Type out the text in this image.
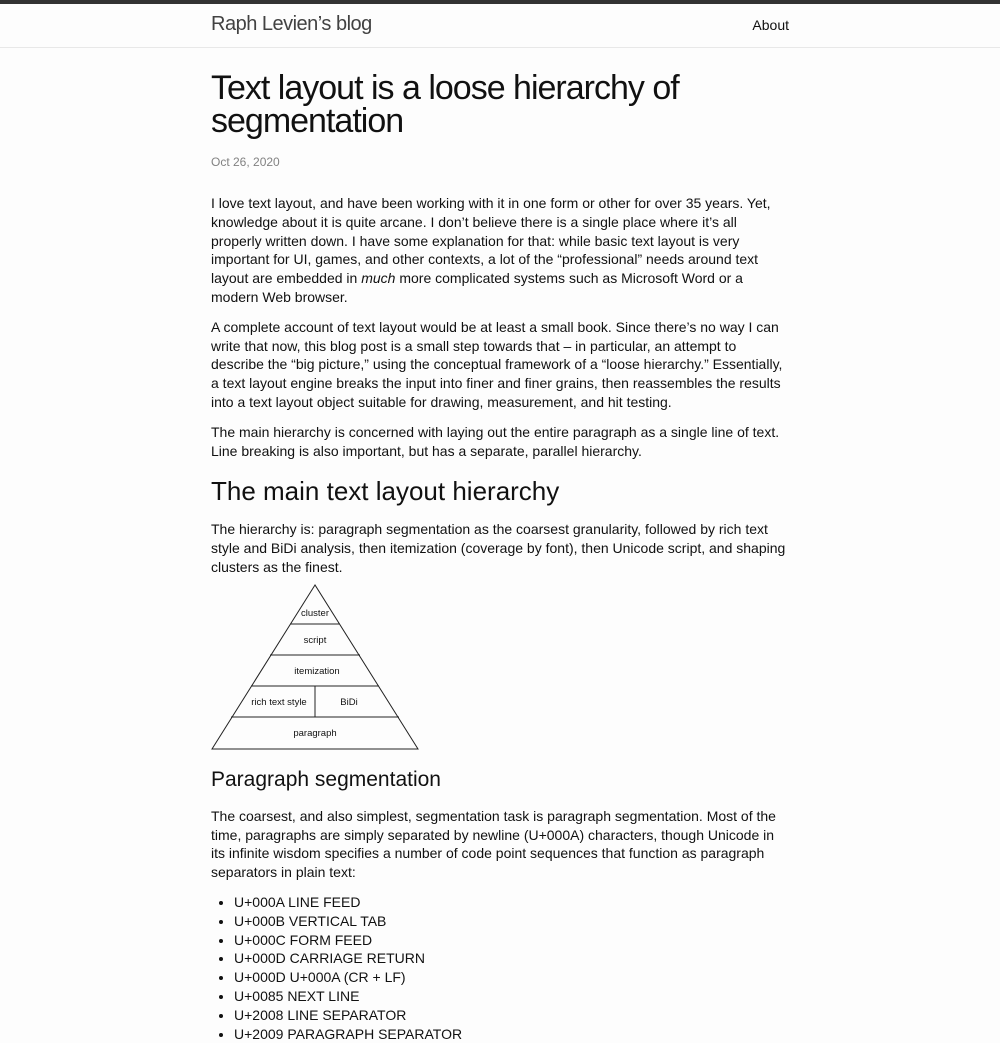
Raph Levien’s blog	About
Text layout is a loose hierarchy of segmentation

Oct 26, 2020

I love text layout, and have been working with it in one form or other for over 35 years. Yet, knowledge about it is quite arcane. I don’t believe there is a single place where it’s all properly written down. I have some explanation for that: while basic text layout is very important for UI, games, and other contexts, a lot of the “professional” needs around text layout are embedded in much more complicated systems such as Microsoft Word or a modern Web browser.

A complete account of text layout would be at least a small book. Since there’s no way I can write that now, this blog post is a small step towards that – in particular, an attempt to describe the “big picture,” using the conceptual framework of a “loose hierarchy.” Essentially, a text layout engine breaks the input into finer and finer grains, then reassembles the results into a text layout object suitable for drawing, measurement, and hit testing.

The main hierarchy is concerned with laying out the entire paragraph as a single line of text. Line breaking is also important, but has a separate, parallel hierarchy.

The main text layout hierarchy

The hierarchy is: paragraph segmentation as the coarsest granularity, followed by rich text style and BiDi analysis, then itemization (coverage by font), then Unicode script, and shaping clusters as the finest.

cluster
script
itemization
rich text style	BiDi
paragraph
Paragraph segmentation

The coarsest, and also simplest, segmentation task is paragraph segmentation. Most of the time, paragraphs are simply separated by newline (U+000A) characters, though Unicode in its infinite wisdom specifies a number of code point sequences that function as paragraph separators in plain text:

• U+000A LINE FEED
• U+000B VERTICAL TAB
• U+000C FORM FEED
• U+000D CARRIAGE RETURN
• U+000D U+000A (CR + LF)
• U+0085 NEXT LINE
• U+2008 LINE SEPARATOR
• U+2009 PARAGRAPH SEPARATOR
